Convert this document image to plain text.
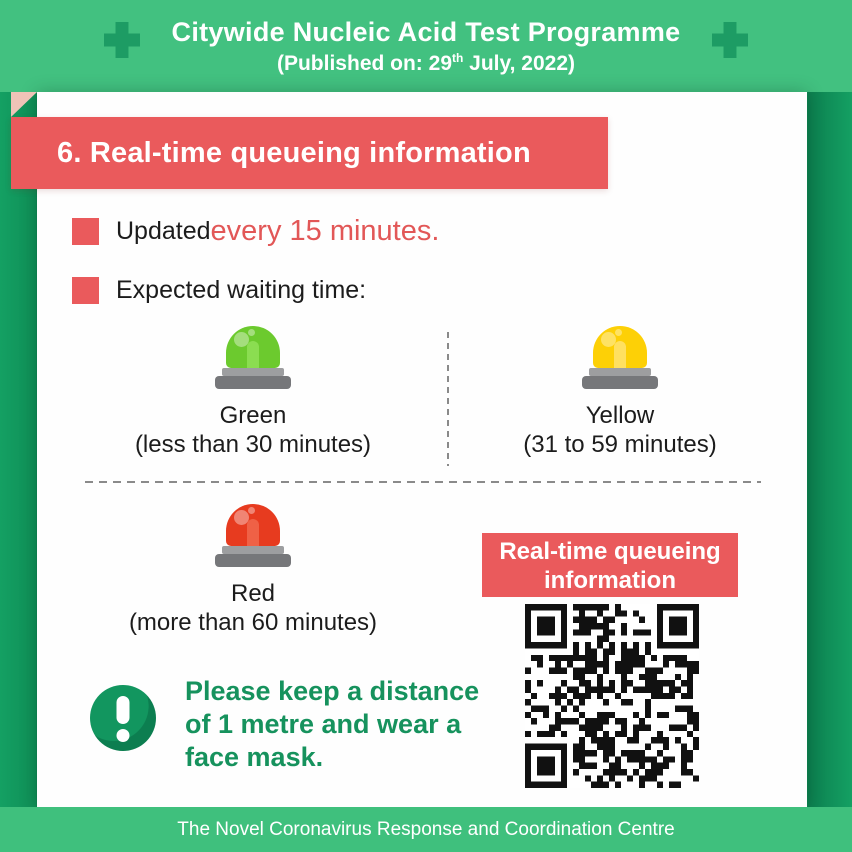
Citywide Nucleic Acid Test Programme
(Published on: 29th July, 2022)
Updated every 15 minutes.
Expected waiting time:
Green
(less than 30 minutes)
Yellow
(31 to 59 minutes)
Red
(more than 60 minutes)
Real-time queueing
information
Please keep a distance
of 1 metre and wear a
face mask.
6. Real-time queueing information
The Novel Coronavirus Response and Coordination Centre
